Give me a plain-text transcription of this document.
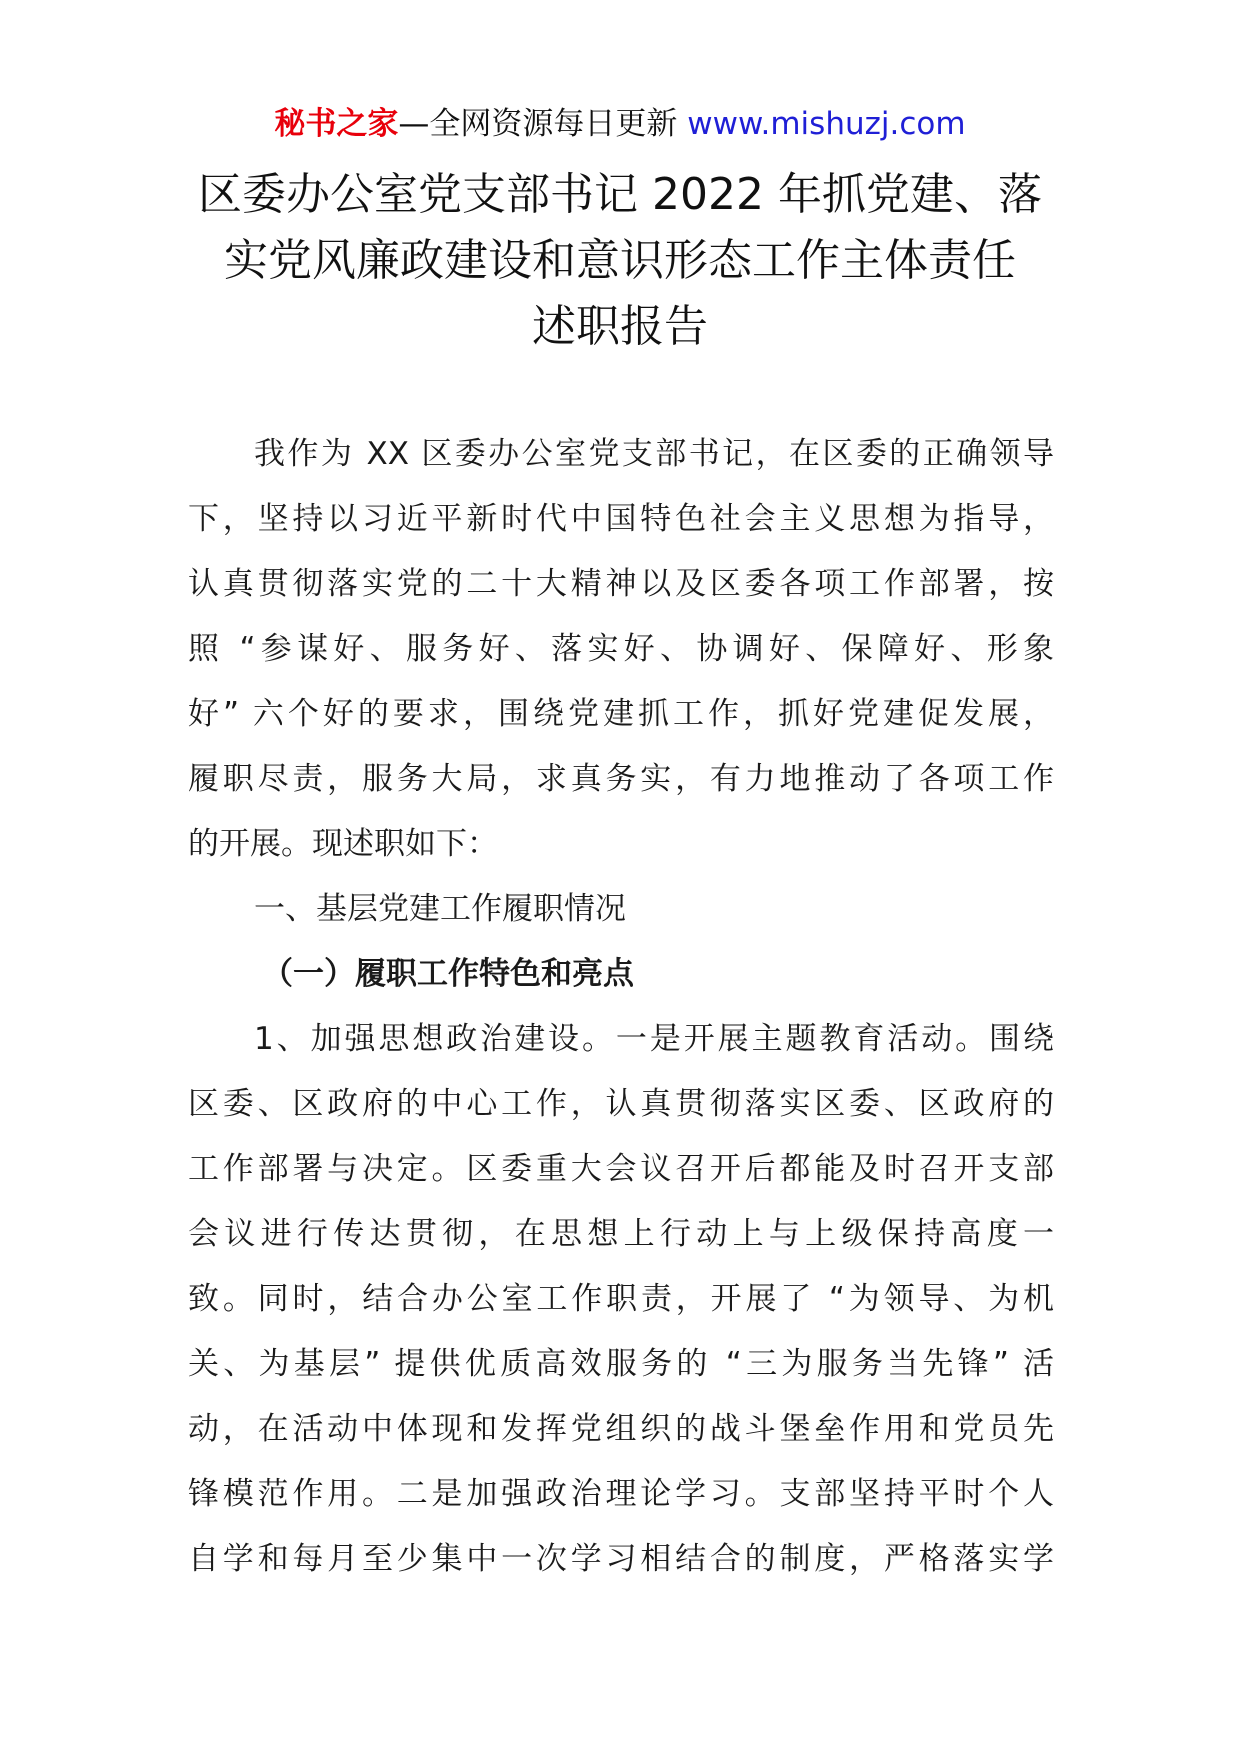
秘书之家—全网资源每日更新 www.mishuzj.com
区委办公室党支部书记 2022 年抓党建、落
实党风廉政建设和意识形态工作主体责任
述职报告
我作为 XX 区委办公室党支部书记，在区委的正确领导
下，坚持以习近平新时代中国特色社会主义思想为指导，
认真贯彻落实党的二十大精神以及区委各项工作部署，按
照 “参谋好、服务好、落实好、协调好、保障好、形象
好” 六个好的要求，围绕党建抓工作，抓好党建促发展，
履职尽责，服务大局，求真务实，有力地推动了各项工作
的开展。现述职如下：
一、基层党建工作履职情况
（一）履职工作特色和亮点
1、加强思想政治建设。一是开展主题教育活动。围绕
区委、区政府的中心工作，认真贯彻落实区委、区政府的
工作部署与决定。区委重大会议召开后都能及时召开支部
会议进行传达贯彻，在思想上行动上与上级保持高度一
致。同时，结合办公室工作职责，开展了 “为领导、为机
关、为基层” 提供优质高效服务的 “三为服务当先锋” 活
动，在活动中体现和发挥党组织的战斗堡垒作用和党员先
锋模范作用。二是加强政治理论学习。支部坚持平时个人
自学和每月至少集中一次学习相结合的制度，严格落实学
